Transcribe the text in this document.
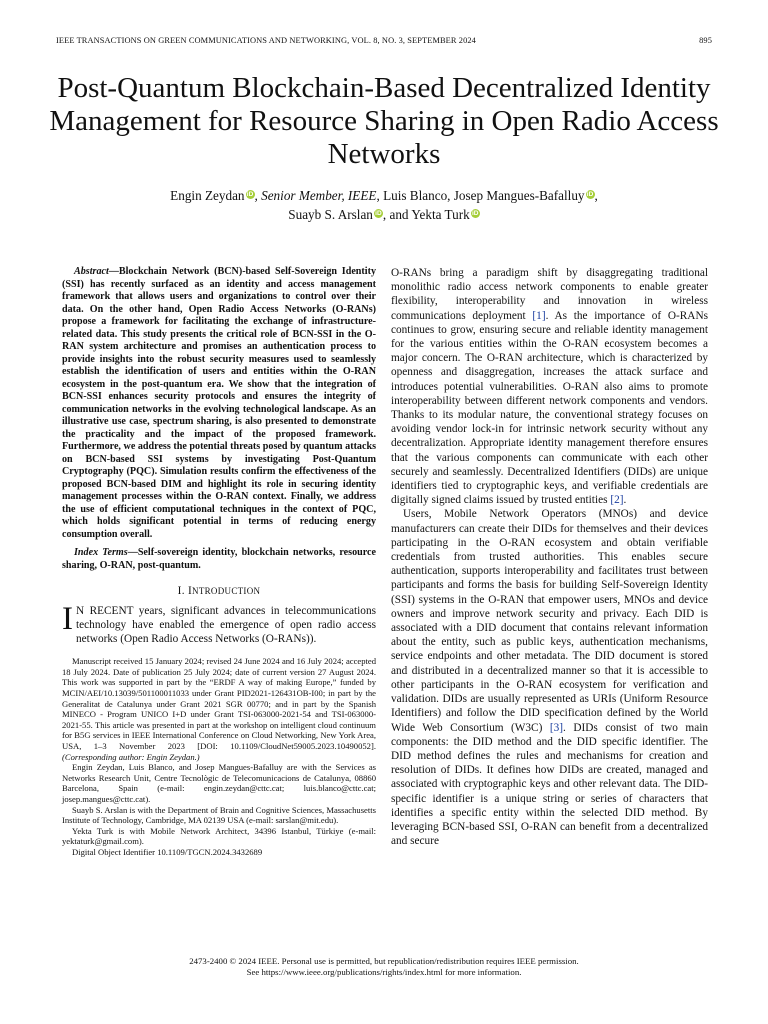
IEEE TRANSACTIONS ON GREEN COMMUNICATIONS AND NETWORKING, VOL. 8, NO. 3, SEPTEMBER 2024	895
Post-Quantum Blockchain-Based Decentralized Identity Management for Resource Sharing in Open Radio Access Networks
Engin Zeydan iD, Senior Member, IEEE, Luis Blanco, Josep Mangues-Bafalluy iD,
Suayb S. Arslan iD, and Yekta Turk iD

Abstract—Blockchain Network (BCN)-based Self-Sovereign Identity (SSI) has recently surfaced as an identity and access management framework that allows users and organizations to control over their data. On the other hand, Open Radio Access Networks (O-RANs) propose a framework for facilitating the exchange of infrastructure-related data. This study presents the critical role of BCN-SSI in the O-RAN system architecture and promises an authentication process to provide insights into the robust security measures used to seamlessly establish the identification of users and entities within the O-RAN ecosystem in the post-quantum era. We show that the integration of BCN-SSI enhances security protocols and ensures the integrity of communication networks in the evolving technological landscape. As an illustrative use case, spectrum sharing, is also presented to demonstrate the practicality and the impact of the proposed framework. Furthermore, we address the potential threats posed by quantum attacks on BCN-based SSI systems by investigating Post-Quantum Cryptography (PQC). Simulation results confirm the effectiveness of the proposed BCN-based DIM and highlight its role in securing identity management processes within the O-RAN context. Finally, we address the use of efficient computational techniques in the context of PQC, which holds significant potential in terms of reducing energy consumption overall.

Index Terms—Self-sovereign identity, blockchain networks, resource sharing, O-RAN, post-quantum.

I. INTRODUCTION

I N RECENT years, significant advances in telecommunications technology have enabled the emergence of open radio access networks (Open Radio Access Networks (O-RANs)).

Manuscript received 15 January 2024; revised 24 June 2024 and 16 July 2024; accepted 18 July 2024. Date of publication 25 July 2024; date of current version 27 August 2024. This work was supported in part by the “ERDF A way of making Europe,” funded by MCIN/AEI/10.13039/501100011033 under Grant PID2021-126431OB-I00; in part by the Generalitat de Catalunya under Grant 2021 SGR 00770; and in part by the Spanish MINECO - Program UNICO I+D under Grant TSI-063000-2021-54 and TSI-063000-2021-55. This article was presented in part at the workshop on intelligent cloud continuum for B5G services in IEEE International Conference on Cloud Networking, New York Area, USA, 1–3 November 2023 [DOI: 10.1109/CloudNet59005.2023.10490052]. (Corresponding author: Engin Zeydan.)

Engin Zeydan, Luis Blanco, and Josep Mangues-Bafalluy are with the Services as Networks Research Unit, Centre Tecnològic de Telecomunicacions de Catalunya, 08860 Barcelona, Spain (e-mail: engin.zeydan@cttc.cat; luis.blanco@cttc.cat; josep.mangues@cttc.cat).

Suayb S. Arslan is with the Department of Brain and Cognitive Sciences, Massachusetts Institute of Technology, Cambridge, MA 02139 USA (e-mail: sarslan@mit.edu).

Yekta Turk is with Mobile Network Architect, 34396 Istanbul, Türkiye (e-mail: yektaturk@gmail.com).

Digital Object Identifier 10.1109/TGCN.2024.3432689

O-RANs bring a paradigm shift by disaggregating traditional monolithic radio access network components to enable greater flexibility, interoperability and innovation in wireless communications deployment [1]. As the importance of O-RANs continues to grow, ensuring secure and reliable identity management for the various entities within the O-RAN ecosystem becomes a major concern. The O-RAN architecture, which is characterized by openness and disaggregation, increases the attack surface and introduces potential vulnerabilities. O-RAN also aims to promote interoperability between different network components and vendors. Thanks to its modular nature, the conventional strategy focuses on avoiding vendor lock-in for intrinsic network security without any decentralization. Appropriate identity management therefore ensures that the various components can communicate with each other securely and seamlessly. Decentralized Identifiers (DIDs) are unique identifiers tied to cryptographic keys, and verifiable credentials are digitally signed claims issued by trusted entities [2].

Users, Mobile Network Operators (MNOs) and device manufacturers can create their DIDs for themselves and their devices participating in the O-RAN ecosystem and obtain verifiable credentials from trusted authorities. This enables secure authentication, supports interoperability and facilitates trust between participants and forms the basis for building Self-Sovereign Identity (SSI) systems in the O-RAN that empower users, MNOs and device owners and improve network security and privacy. Each DID is associated with a DID document that contains relevant information about the entity, such as public keys, authentication mechanisms, service endpoints and other metadata. The DID document is stored and distributed in a decentralized manner so that it is accessible to other participants in the O-RAN ecosystem for verification and validation. DIDs are usually represented as URIs (Uniform Resource Identifiers) and follow the DID specification defined by the World Wide Web Consortium (W3C) [3]. DIDs consist of two main components: the DID method and the DID specific identifier. The DID method defines the rules and mechanisms for creation and resolution of DIDs. It defines how DIDs are created, managed and associated with cryptographic keys and other relevant data. The DID-specific identifier is a unique string or series of characters that identifies a specific entity within the selected DID method. By leveraging BCN-based SSI, O-RAN can benefit from a decentralized and secure

2473-2400 © 2024 IEEE. Personal use is permitted, but republication/redistribution requires IEEE permission.
See https://www.ieee.org/publications/rights/index.html for more information.
